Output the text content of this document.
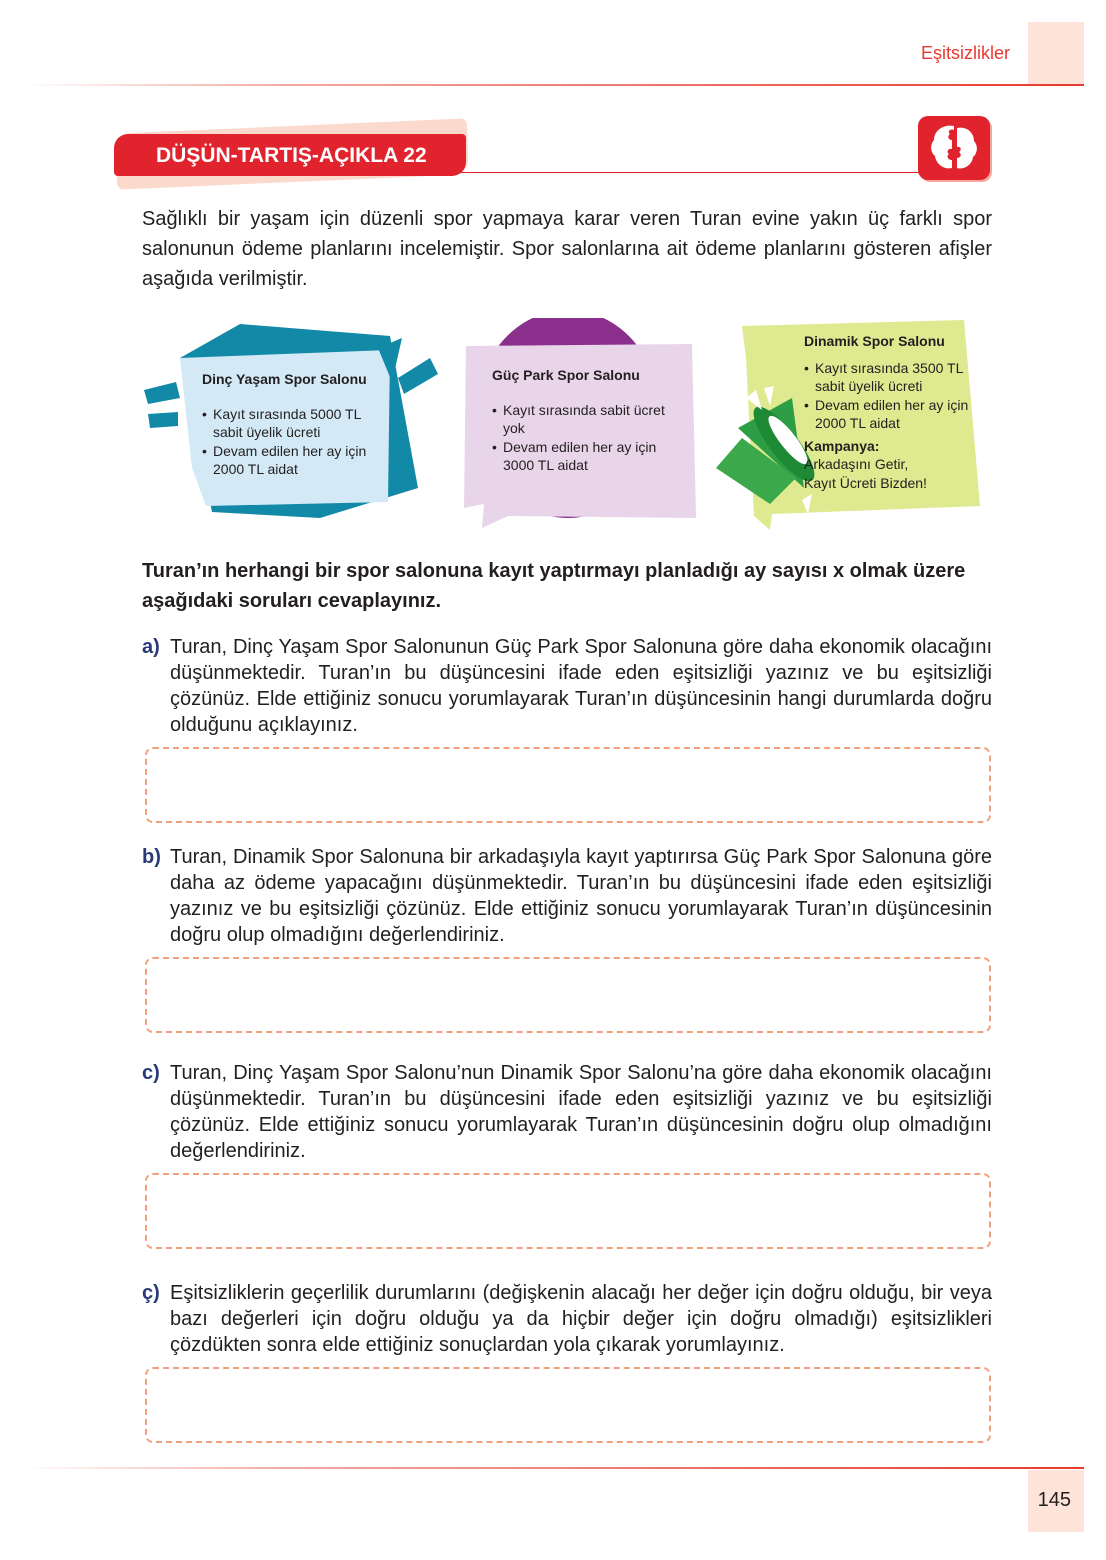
Eşitsizlikler
DÜŞÜN-TARTIŞ-AÇIKLA 22
Sağlıklı bir yaşam için düzenli spor yapmaya karar veren Turan evine yakın üç farklı spor salonunun ödeme planlarını incelemiştir. Spor salonlarına ait ödeme planlarını gösteren afişler aşağıda verilmiştir.
Dinç Yaşam Spor Salonu
• Kayıt sırasında 5000 TL sabit üyelik ücreti
• Devam edilen her ay için 2000 TL aidat
Güç Park Spor Salonu
• Kayıt sırasında sabit ücret yok
• Devam edilen her ay için 3000 TL aidat
Dinamik Spor Salonu
• Kayıt sırasında 3500 TL sabit üyelik ücreti
• Devam edilen her ay için 2000 TL aidat
Kampanya:
Arkadaşını Getir, Kayıt Ücreti Bizden!
Turan’ın herhangi bir spor salonuna kayıt yaptırmayı planladığı ay sayısı x olmak üzere aşağıdaki soruları cevaplayınız.
a) Turan, Dinç Yaşam Spor Salonunun Güç Park Spor Salonuna göre daha ekonomik olacağını düşünmektedir. Turan’ın bu düşüncesini ifade eden eşitsizliği yazınız ve bu eşitsizliği çözünüz. Elde ettiğiniz sonucu yorumlayarak Turan’ın düşüncesinin hangi durumlarda doğru olduğunu açıklayınız.
b) Turan, Dinamik Spor Salonuna bir arkadaşıyla kayıt yaptırırsa Güç Park Spor Salonuna göre daha az ödeme yapacağını düşünmektedir. Turan’ın bu düşüncesini ifade eden eşitsizliği yazınız ve bu eşitsizliği çözünüz. Elde ettiğiniz sonucu yorumlayarak Turan’ın düşüncesinin doğru olup olmadığını değerlendiriniz.
c) Turan, Dinç Yaşam Spor Salonu’nun Dinamik Spor Salonu’na göre daha ekonomik olacağını düşünmektedir. Turan’ın bu düşüncesini ifade eden eşitsizliği yazınız ve bu eşitsizliği çözünüz. Elde ettiğiniz sonucu yorumlayarak Turan’ın düşüncesinin doğru olup olmadığını değerlendiriniz.
ç) Eşitsizliklerin geçerlilik durumlarını (değişkenin alacağı her değer için doğru olduğu, bir veya bazı değerleri için doğru olduğu ya da hiçbir değer için doğru olmadığı) eşitsizlikleri çözdükten sonra elde ettiğiniz sonuçlardan yola çıkarak yorumlayınız.
145
